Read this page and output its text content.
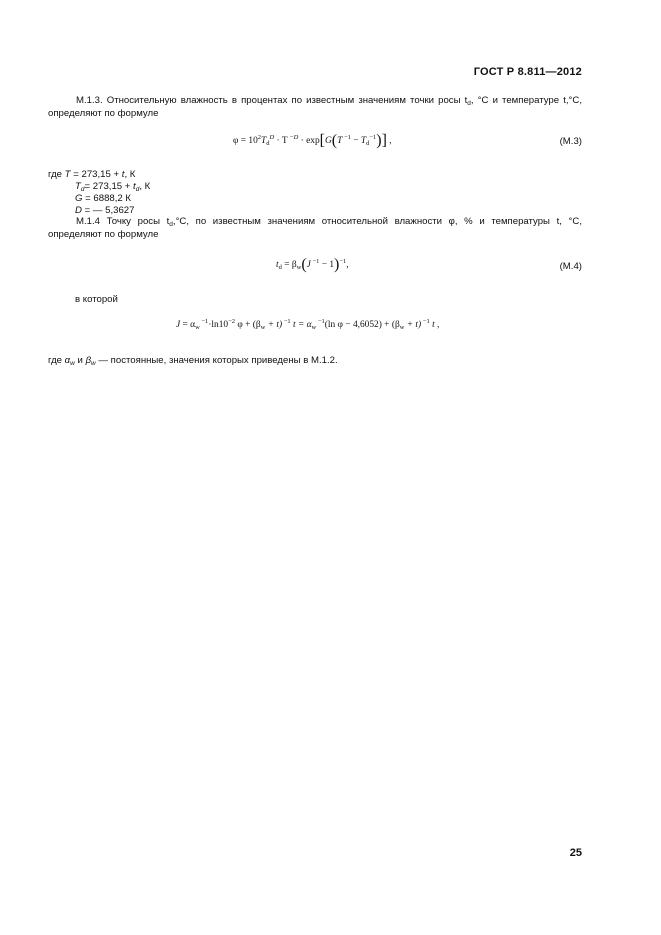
ГОСТ Р 8.811—2012
М.1.3. Относительную влажность в процентах по известным значениям точки росы $t_d$, °С и температуре t,°С, определяют по формуле
$\varphi = 10^2T_d^D \cdot T$ $^{-D}$ · exp[G(T $^{-1} - T_d^{-1}$)] ,	(М.3)
где T = 273,15 + t, К
$T_d= 273,15 + t_d$, К
G = 6888,2 К
D = — 5,3627
М.1.4 Точку росы $t_d,^\circ С$, по известным значениям относительной влажности φ, % и температуры t, °С, определяют по формуле
$t_d = \beta_w(J$ $^{-1}$ − 1)$^{-1}$,	(М.4)
в которой
$J = \alpha_w$ $^{-1}\cdot\ln 10^{-2}$ $\varphi + (\beta_w + t)$ $^{-1}$ $t = \alpha_w$ $^{-1}$(ln $\varphi - 4,6052) + (\beta_w + t)$ $^{-1}$ t ,
где $\alpha_w$ и $\beta_w$ — постоянные, значения которых приведены в М.1.2.
25
